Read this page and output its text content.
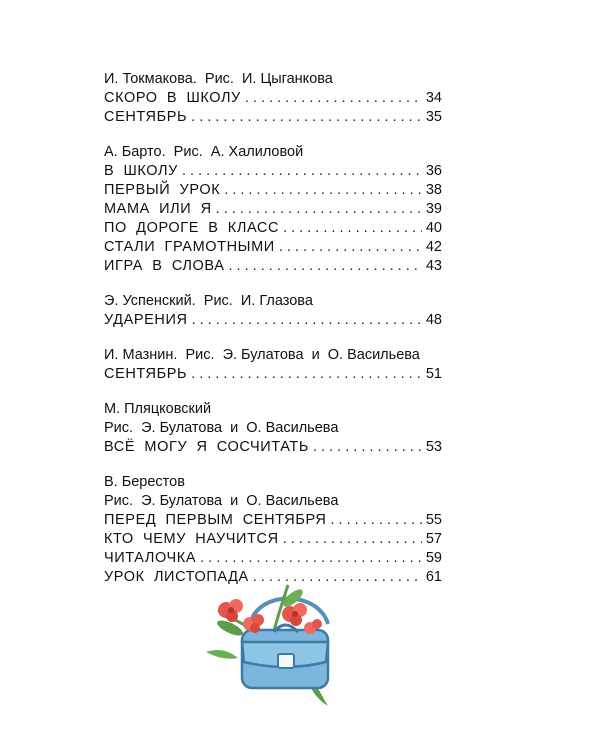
И. Токмакова.  Рис.  И. Цыганкова
СКОРО  В  ШКОЛУ . . .	34
СЕНТЯБРЬ . . .	35
А. Барто.  Рис.  А. Халиловой
В  ШКОЛУ . . .	36
ПЕРВЫЙ  УРОК . . .	38
МАМА  ИЛИ  Я . . .	39
ПО  ДОРОГЕ  В  КЛАСС . . .	40
СТАЛИ  ГРАМОТНЫМИ . . .	42
ИГРА  В  СЛОВА . . .	43
Э. Успенский.  Рис.  И. Глазова
УДАРЕНИЯ . . .	48
И. Мазнин.  Рис.  Э. Булатова  и  О. Васильева
СЕНТЯБРЬ . . .	51
М. Пляцковский
Рис.  Э. Булатова  и  О. Васильева
ВСЁ  МОГУ  Я  СОСЧИТАТЬ . . .	53
В. Берестов
Рис.  Э. Булатова  и  О. Васильева
ПЕРЕД  ПЕРВЫМ  СЕНТЯБРЯ . . .	55
КТО  ЧЕМУ  НАУЧИТСЯ . . .	57
ЧИТАЛОЧКА . . .	59
УРОК  ЛИСТОПАДА . . .	61
